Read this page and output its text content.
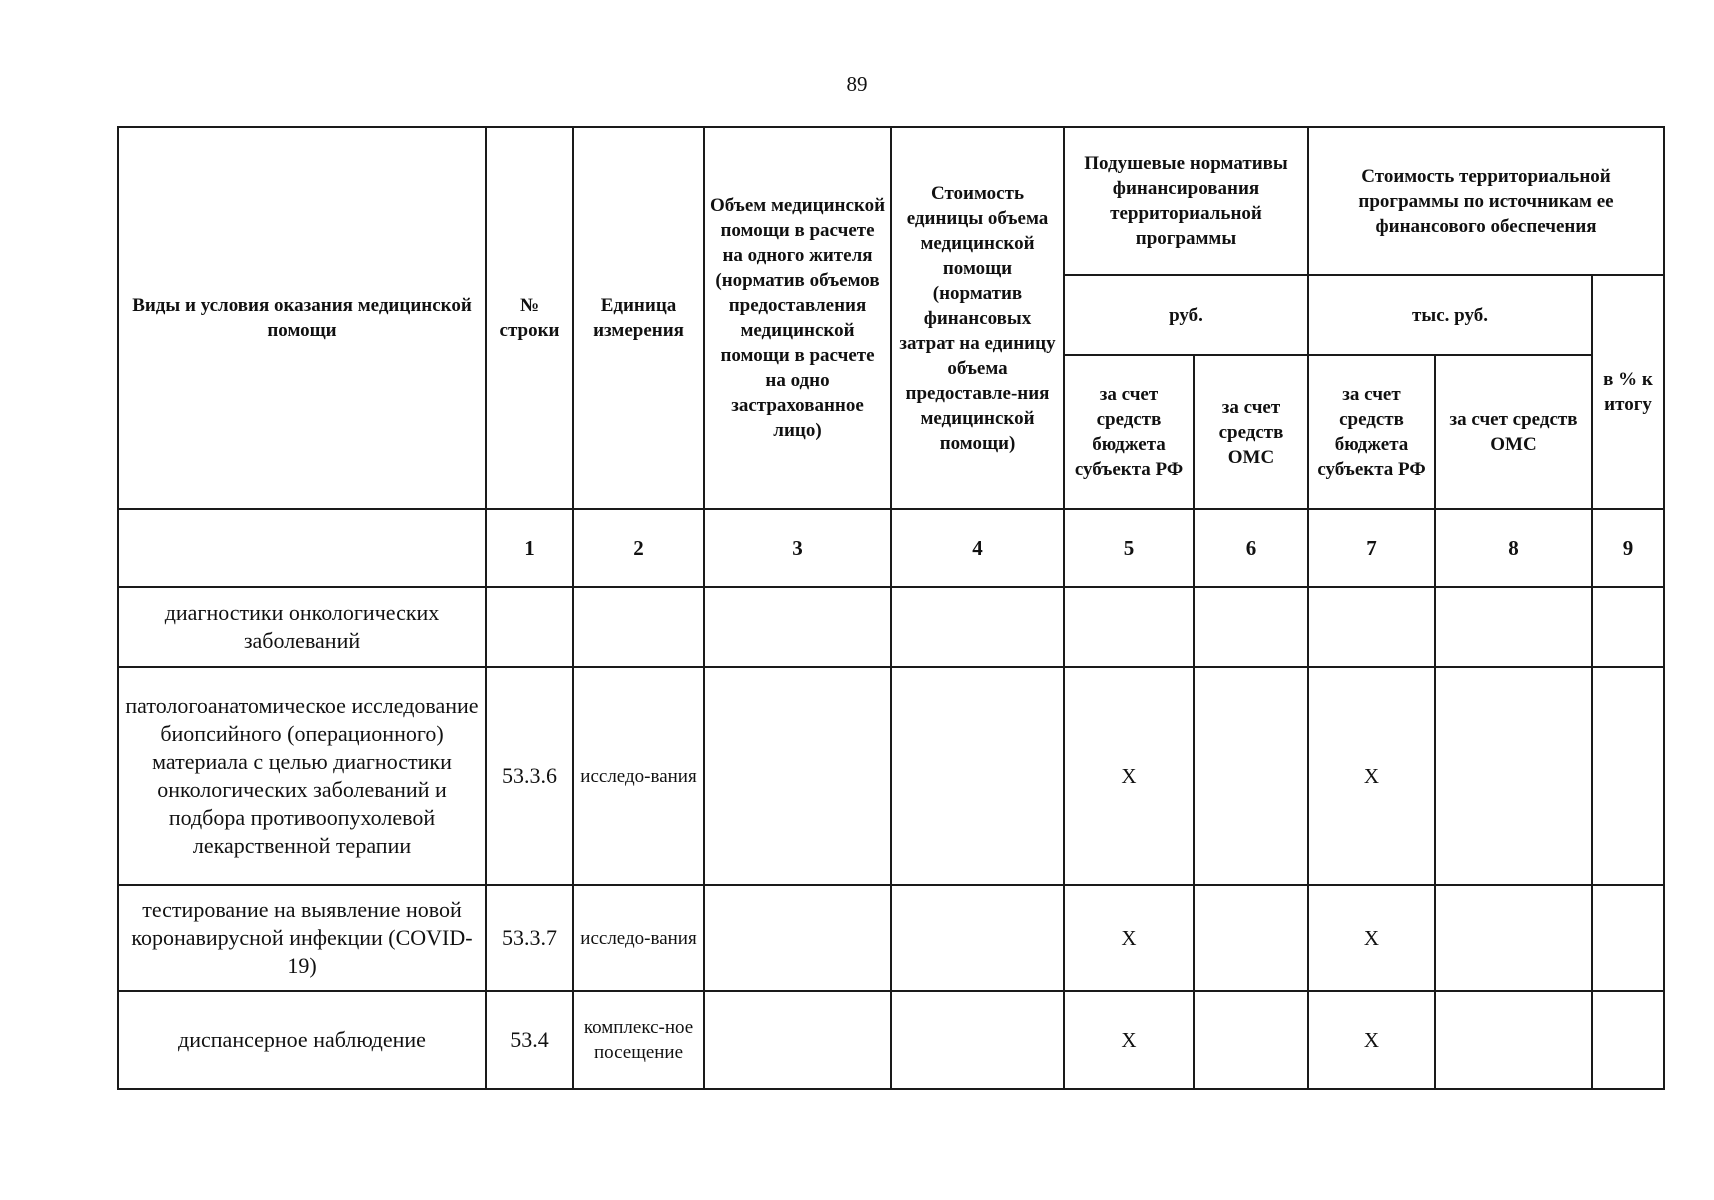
89
Виды и условия оказания медицинской помощи	№ строки	Единица измерения	Объем медицинской помощи в расчете на одного жителя (норматив объемов предоставления медицинской помощи в расчете на одно застрахованное лицо)	Стоимость единицы объема медицинской помощи (норматив финансовых затрат на единицу объема предоставле-ния медицинской помощи)	Подушевые нормативы финансирования территориальной программы		Стоимость территориальной программы по источникам ее финансового обеспечения		
					руб.		тыс. руб.		в % к итогу
					за счет средств бюджета субъекта РФ	за счет средств ОМС	за счет средств бюджета субъекта РФ	за счет средств ОМС	
	1	2	3	4	5	6	7	8	9
диагностики онкологических заболеваний									
патологоанатомическое исследование биопсийного (операционного) материала с целью диагностики онкологических заболеваний и подбора противоопухолевой лекарственной терапии	53.3.6	исследо-вания			Х		Х		
тестирование на выявление новой коронавирусной инфекции (COVID-19)	53.3.7	исследо-вания			Х		Х		
диспансерное наблюдение	53.4	комплекс-ное посещение			Х		Х		
